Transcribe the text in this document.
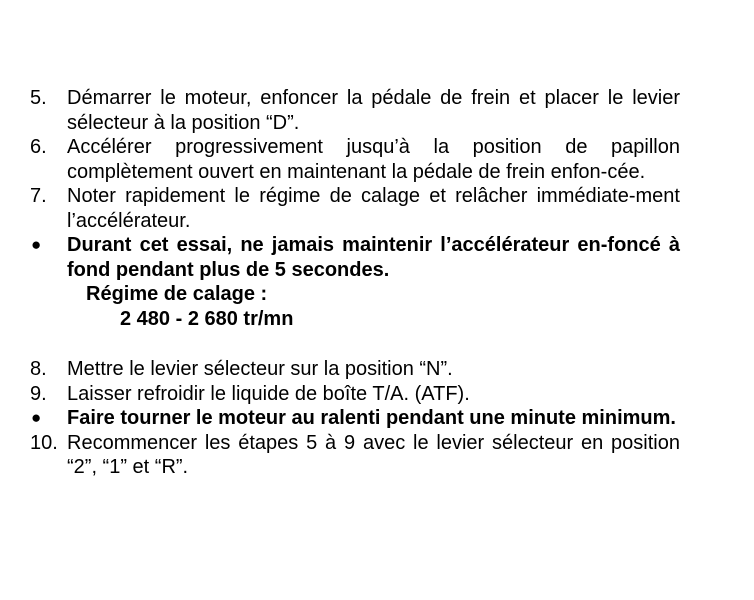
5. Démarrer le moteur, enfoncer la pédale de frein et placer le levier sélecteur à la position “D”.
6. Accélérer progressivement jusqu’à la position de papillon complètement ouvert en maintenant la pédale de frein enfon-cée.
7. Noter rapidement le régime de calage et relâcher immédiate-ment l’accélérateur.
● Durant cet essai, ne jamais maintenir l’accélérateur en-foncé à fond pendant plus de 5 secondes.
Régime de calage :
2 480 - 2 680 tr/mn
8. Mettre le levier sélecteur sur la position “N”.
9. Laisser refroidir le liquide de boîte T/A. (ATF).
● Faire tourner le moteur au ralenti pendant une minute minimum.
10. Recommencer les étapes 5 à 9 avec le levier sélecteur en position “2”, “1” et “R”.
